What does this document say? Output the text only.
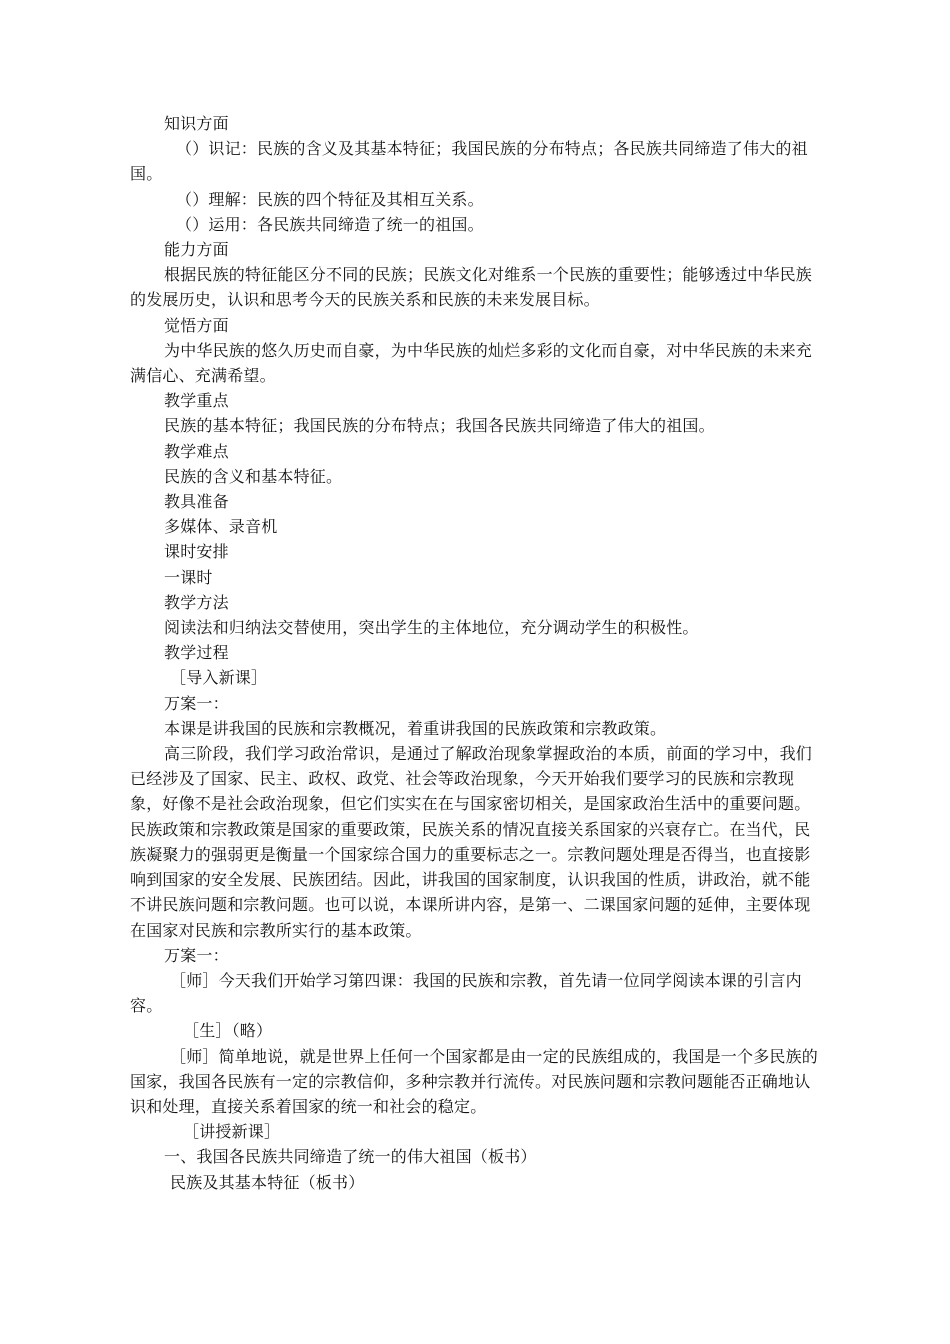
知识方面

（）识记：民族的含义及其基本特征；我国民族的分布特点；各民族共同缔造了伟大的祖国。

（）理解：民族的四个特征及其相互关系。

（）运用：各民族共同缔造了统一的祖国。

能力方面

根据民族的特征能区分不同的民族；民族文化对维系一个民族的重要性；能够透过中华民族的发展历史，认识和思考今天的民族关系和民族的未来发展目标。

觉悟方面

为中华民族的悠久历史而自豪，为中华民族的灿烂多彩的文化而自豪，对中华民族的未来充满信心、充满希望。

教学重点

民族的基本特征；我国民族的分布特点；我国各民族共同缔造了伟大的祖国。

教学难点

民族的含义和基本特征。

教具准备

多媒体、录音机

课时安排

一课时

教学方法

阅读法和归纳法交替使用，突出学生的主体地位，充分调动学生的积极性。

教学过程

［导入新课］

万案一：

本课是讲我国的民族和宗教概况，着重讲我国的民族政策和宗教政策。

高三阶段，我们学习政治常识，是通过了解政治现象掌握政治的本质，前面的学习中，我们已经涉及了国家、民主、政权、政党、社会等政治现象，今天开始我们要学习的民族和宗教现象，好像不是社会政治现象，但它们实实在在与国家密切相关，是国家政治生活中的重要问题。民族政策和宗教政策是国家的重要政策，民族关系的情况直接关系国家的兴衰存亡。在当代，民族凝聚力的强弱更是衡量一个国家综合国力的重要标志之一。宗教问题处理是否得当，也直接影响到国家的安全发展、民族团结。因此，讲我国的国家制度，认识我国的性质，讲政治，就不能不讲民族问题和宗教问题。也可以说，本课所讲内容，是第一、二课国家问题的延伸，主要体现在国家对民族和宗教所实行的基本政策。

万案一：

［师］今天我们开始学习第四课：我国的民族和宗教，首先请一位同学阅读本课的引言内容。

［生］（略）

［师］简单地说，就是世界上任何一个国家都是由一定的民族组成的，我国是一个多民族的国家，我国各民族有一定的宗教信仰，多种宗教并行流传。对民族问题和宗教问题能否正确地认识和处理，直接关系着国家的统一和社会的稳定。

［讲授新课］

一、我国各民族共同缔造了统一的伟大祖国（板书）

民族及其基本特征（板书）
